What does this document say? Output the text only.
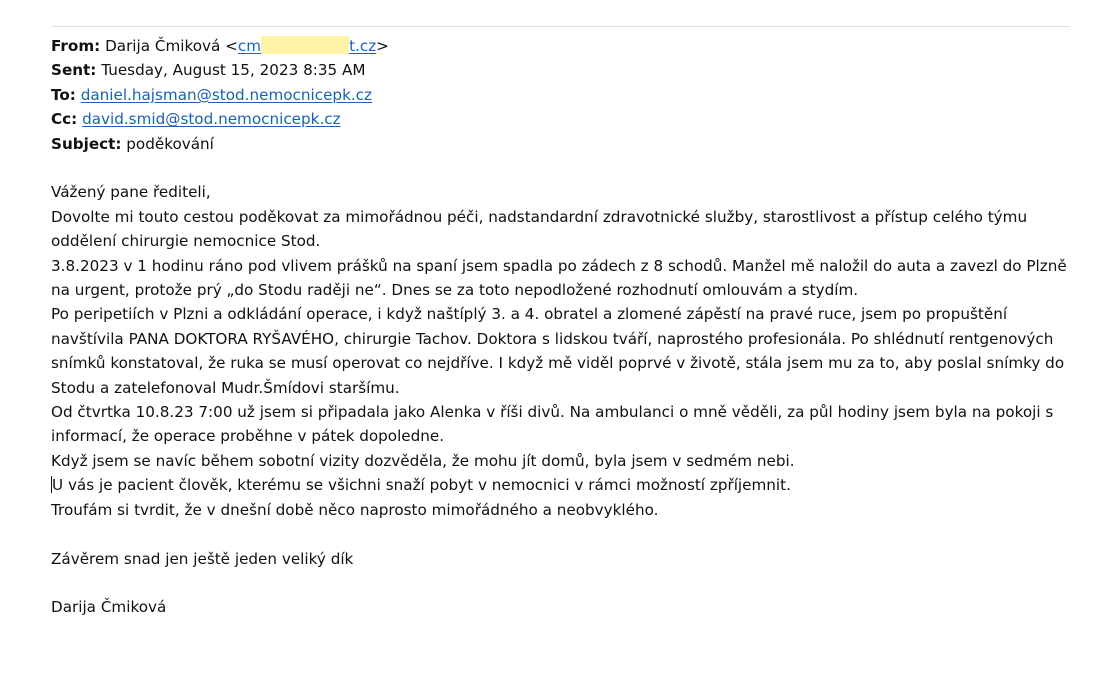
From: Darija Čmiková <cm	t.cz>
Sent: Tuesday, August 15, 2023 8:35 AM
To: daniel.hajsman@stod.nemocnicepk.cz
Cc: david.smid@stod.nemocnicepk.cz
Subject: poděkování

Vážený pane řediteli,

Dovolte mi touto cestou poděkovat za mimořádnou péči, nadstandardní zdravotnické služby, starostlivost a přístup celého týmu oddělení chirurgie nemocnice Stod.

3.8.2023 v 1 hodinu ráno pod vlivem prášků na spaní jsem spadla po zádech z 8 schodů. Manžel mě naložil do auta a zavezl do Plzně na urgent, protože prý „do Stodu raději ne“. Dnes se za toto nepodložené rozhodnutí omlouvám a stydím.

Po peripetiích v Plzni a odkládání operace, i když naštíplý 3. a 4. obratel a zlomené zápěstí na pravé ruce, jsem po propuštění navštívila PANA DOKTORA RYŠAVÉHO, chirurgie Tachov. Doktora s lidskou tváří, naprostého profesionála. Po shlédnutí rentgenových snímků konstatoval, že ruka se musí operovat co nejdříve. I když mě viděl poprvé v životě, stála jsem mu za to, aby poslal snímky do Stodu a zatelefonoval Mudr.Šmídovi staršímu.

Od čtvrtka 10.8.23 7:00 už jsem si připadala jako Alenka v říši divů. Na ambulanci o mně věděli, za půl hodiny jsem byla na pokoji s informací, že operace proběhne v pátek dopoledne.

Když jsem se navíc během sobotní vizity dozvěděla, že mohu jít domů, byla jsem v sedmém nebi.

U vás je pacient člověk, kterému se všichni snaží pobyt v nemocnici v rámci možností zpříjemnit.

Troufám si tvrdit, že v dnešní době něco naprosto mimořádného a neobvyklého.

Závěrem snad jen ještě jeden veliký dík

Darija Čmiková
